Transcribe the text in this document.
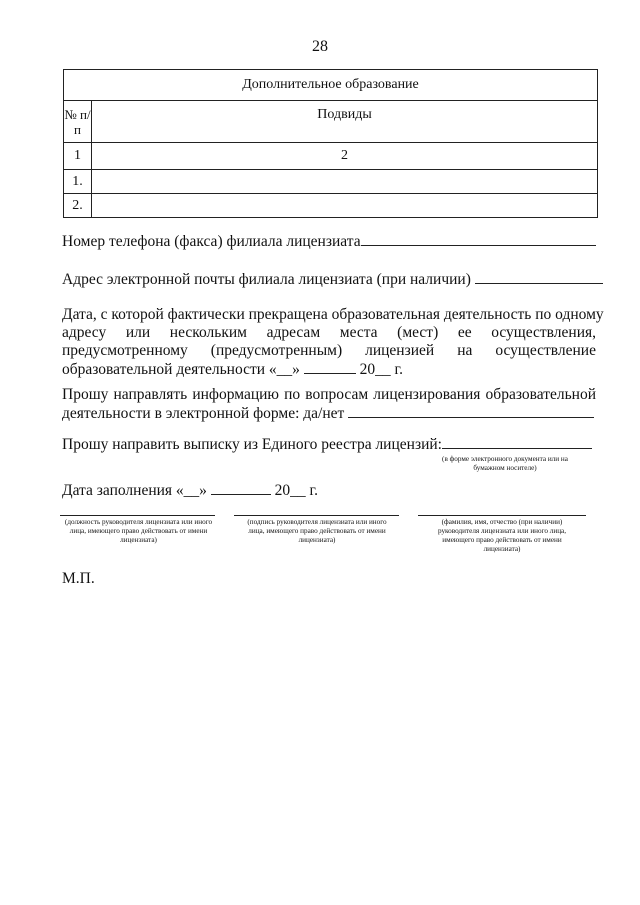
28
Дополнительное образование	
№ п/п	Подвиды
1	2
1.	
2.	
Номер телефона (факса) филиала лицензиата
Адрес электронной почты филиала лицензиата (при наличии)
Дата, с которой фактически прекращена образовательная деятельность по одному
адресу или нескольким адресам места (мест) ее осуществления,
предусмотренному (предусмотренным) лицензией на осуществление
образовательной деятельности «__»	20__ г.
Прошу направлять информацию по вопросам лицензирования образовательной
деятельности в электронной форме: да/нет
Прошу направить выписку из Единого реестра лицензий:
(в форме электронного документа или на
бумажном носителе)
Дата заполнения «__»	20__ г.
(должность руководителя лицензиата или иного
лица, имеющего право действовать от имени
лицензиата)
(подпись руководителя лицензиата или иного
лица, имеющего право действовать от имени
лицензиата)
(фамилия, имя, отчество (при наличии)
руководителя лицензиата или иного лица,
имеющего право действовать от имени
лицензиата)
М.П.
